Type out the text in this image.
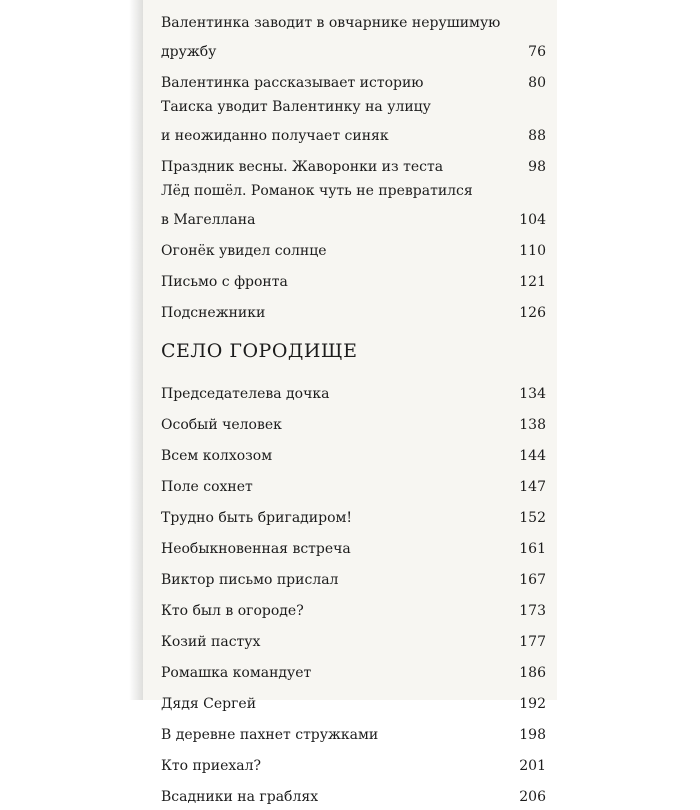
Валентинка заводит в овчарнике нерушимую
дружбу	76
Валентинка рассказывает историю	80
Таиска уводит Валентинку на улицу
и неожиданно получает синяк	88
Праздник весны. Жаворонки из теста	98
Лёд пошёл. Романок чуть не превратился
в Магеллана	104
Огонёк увидел солнце	110
Письмо с фронта	121
Подснежники	126
СЕЛО ГОРОДИЩЕ
Председателева дочка	134
Особый человек	138
Всем колхозом	144
Поле сохнет	147
Трудно быть бригадиром!	152
Необыкновенная встреча	161
Виктор письмо прислал	167
Кто был в огороде?	173
Козий пастух	177
Ромашка командует	186
Дядя Сергей	192
В деревне пахнет стружками	198
Кто приехал?	201
Всадники на граблях	206
